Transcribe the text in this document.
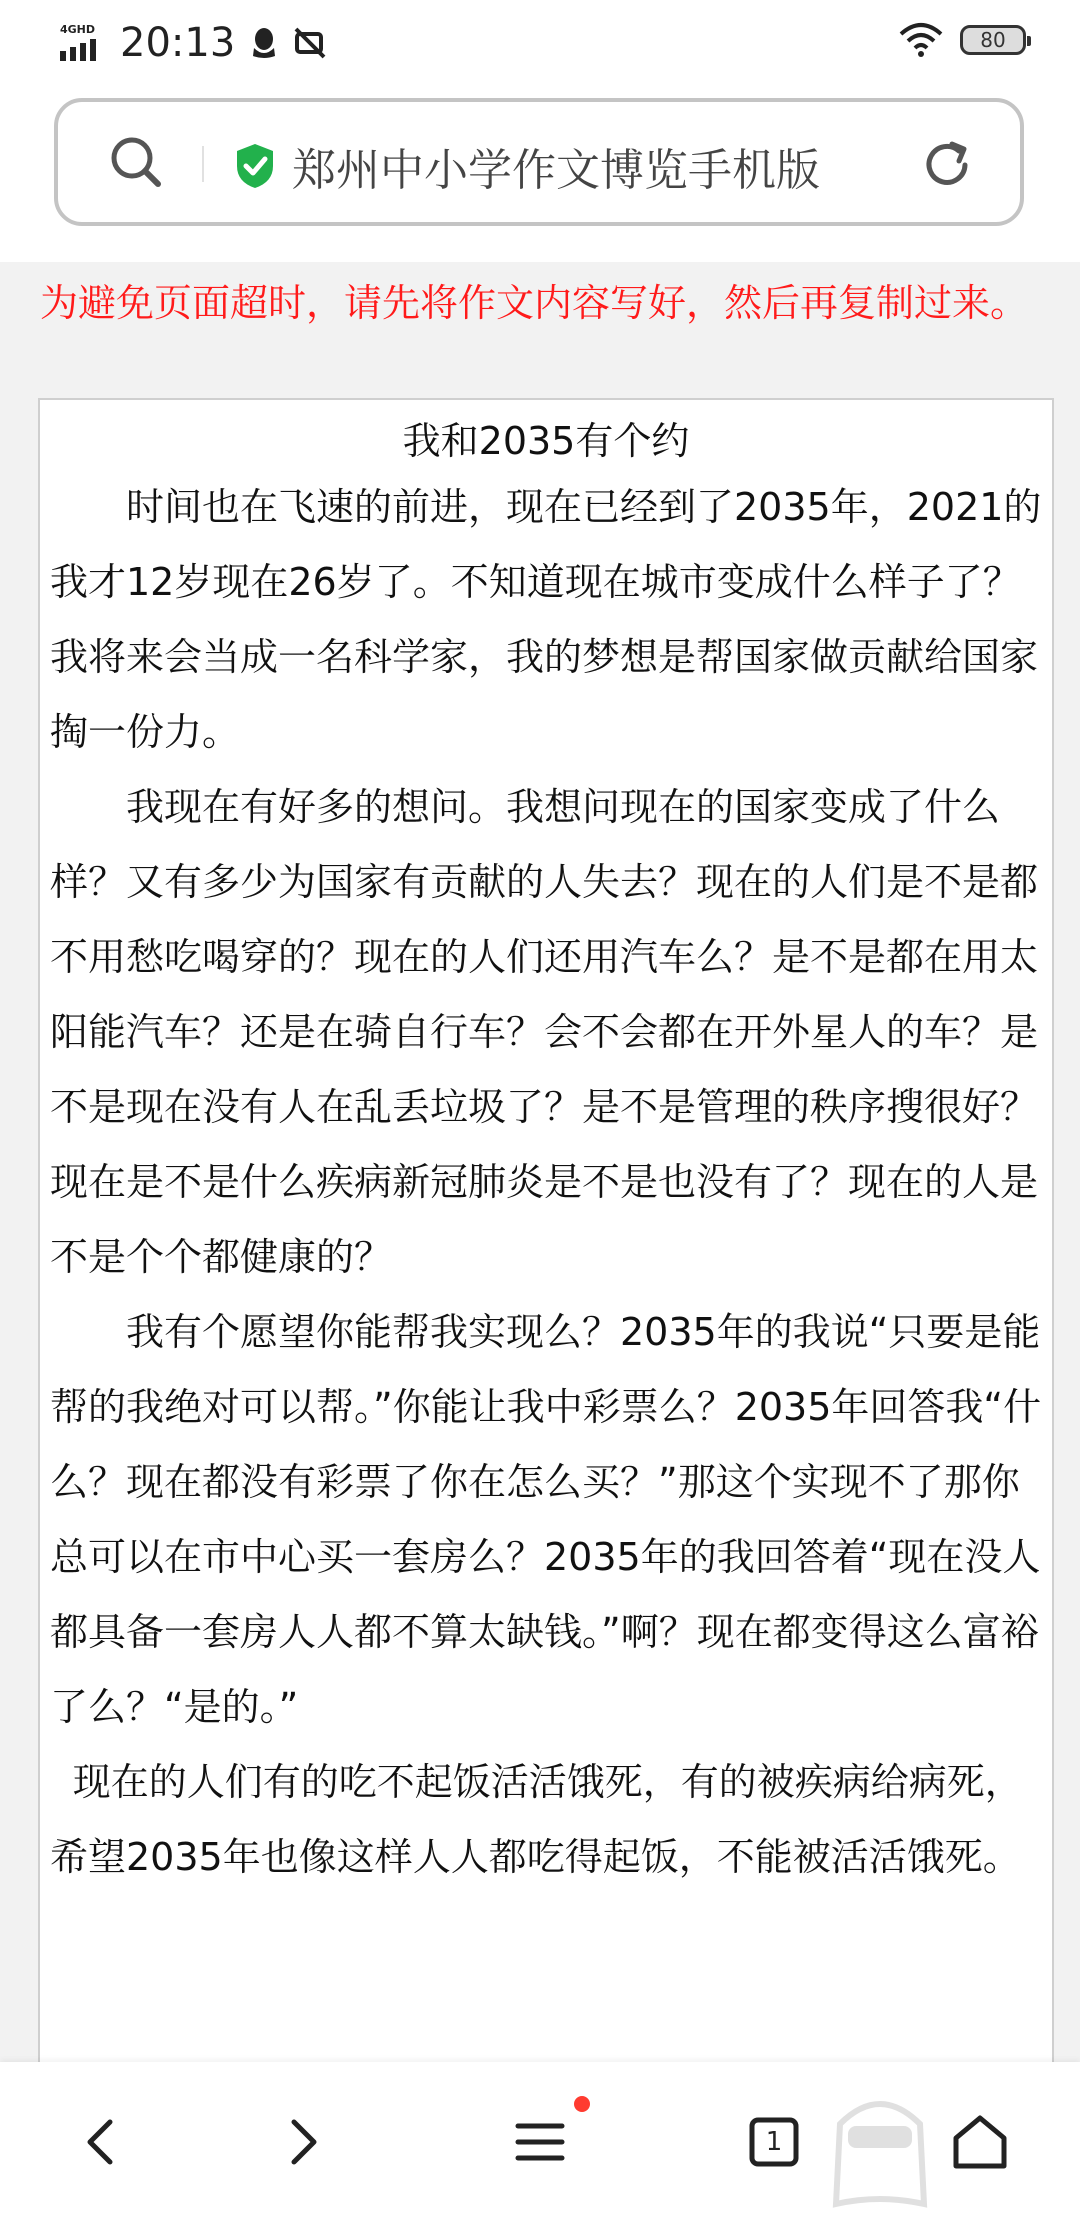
4GHD 20:13	80
郑州中小学作文博览手机版
为避免页面超时，请先将作文内容写好，然后再复制过来。
我和2035有个约

时间也在飞速的前进，现在已经到了2035年，2021的我才12岁现在26岁了。不知道现在城市变成什么样子了？我将来会当成一名科学家，我的梦想是帮国家做贡献给国家掏一份力。

我现在有好多的想问。我想问现在的国家变成了什么样？又有多少为国家有贡献的人失去？现在的人们是不是都不用愁吃喝穿的？现在的人们还用汽车么？是不是都在用太阳能汽车？还是在骑自行车？会不会都在开外星人的车？是不是现在没有人在乱丢垃圾了？是不是管理的秩序搜很好？现在是不是什么疾病新冠肺炎是不是也没有了？现在的人是不是个个都健康的？

我有个愿望你能帮我实现么？2035年的我说“只要是能帮的我绝对可以帮。”你能让我中彩票么？2035年回答我“什么？现在都没有彩票了你在怎么买？”那这个实现不了那你总可以在市中心买一套房么？2035年的我回答着“现在没人都具备一套房人人都不算太缺钱。”啊？现在都变得这么富裕了么？“是的。”

现在的人们有的吃不起饭活活饿死，有的被疾病给病死，希望2035年也像这样人人都吃得起饭，不能被活活饿死。

1
